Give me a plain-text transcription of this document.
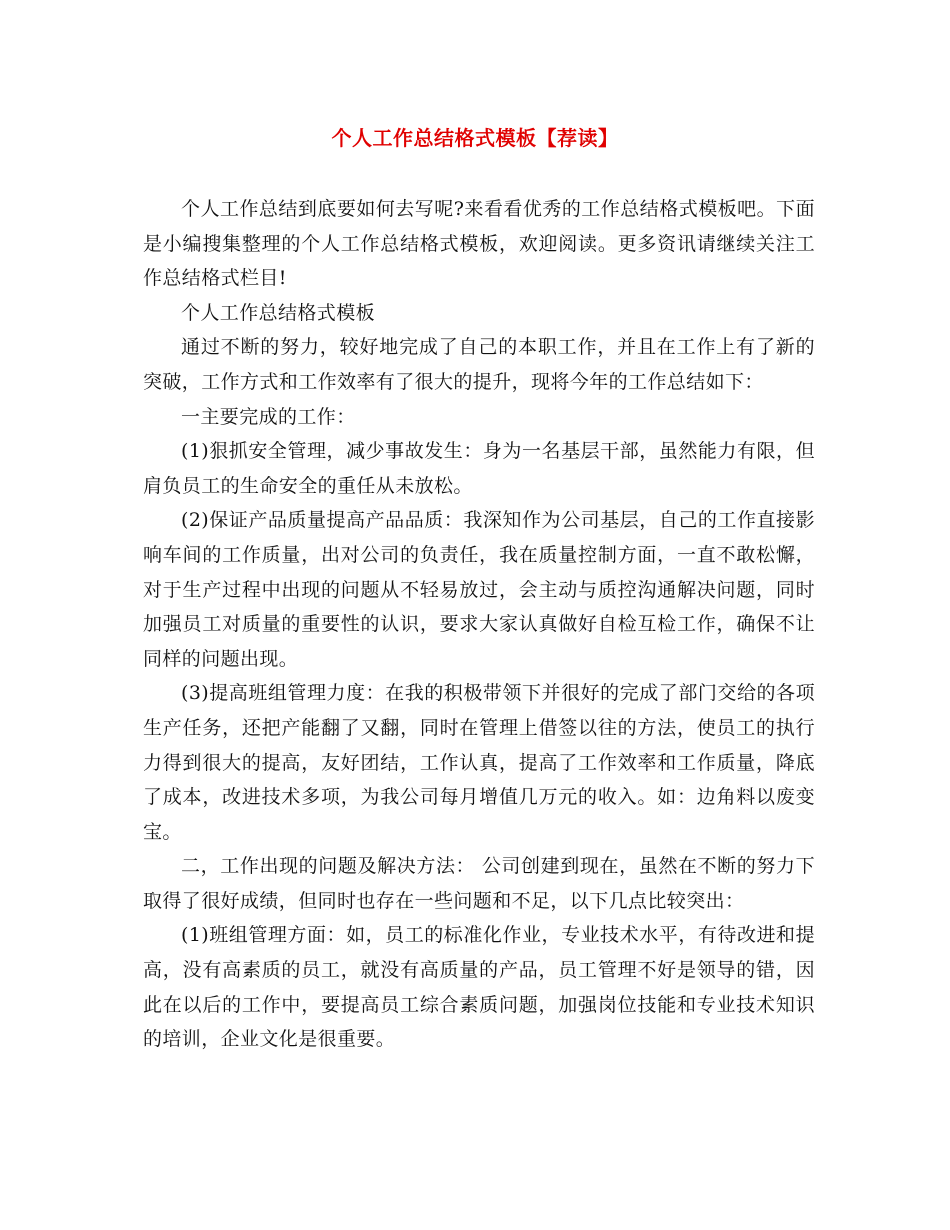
个人工作总结格式模板【荐读】

个人工作总结到底要如何去写呢?来看看优秀的工作总结格式模板吧。下面是小编搜集整理的个人工作总结格式模板，欢迎阅读。更多资讯请继续关注工作总结格式栏目!

个人工作总结格式模板

通过不断的努力，较好地完成了自己的本职工作，并且在工作上有了新的突破，工作方式和工作效率有了很大的提升，现将今年的工作总结如下：

一主要完成的工作：

(1)狠抓安全管理，减少事故发生：身为一名基层干部，虽然能力有限，但肩负员工的生命安全的重任从未放松。

(2)保证产品质量提高产品品质：我深知作为公司基层，自己的工作直接影响车间的工作质量，出对公司的负责任，我在质量控制方面，一直不敢松懈，对于生产过程中出现的问题从不轻易放过，会主动与质控沟通解决问题，同时加强员工对质量的重要性的认识，要求大家认真做好自检互检工作，确保不让同样的问题出现。

(3)提高班组管理力度：在我的积极带领下并很好的完成了部门交给的各项生产任务，还把产能翻了又翻，同时在管理上借签以往的方法，使员工的执行力得到很大的提高，友好团结，工作认真，提高了工作效率和工作质量，降底了成本，改进技术多项，为我公司每月增值几万元的收入。如：边角料以废变宝。

二，工作出现的问题及解决方法： 公司创建到现在，虽然在不断的努力下取得了很好成绩，但同时也存在一些问题和不足，以下几点比较突出：

(1)班组管理方面：如，员工的标准化作业，专业技术水平，有待改进和提高，没有高素质的员工，就没有高质量的产品，员工管理不好是领导的错，因此在以后的工作中，要提高员工综合素质问题，加强岗位技能和专业技术知识的培训，企业文化是很重要。
